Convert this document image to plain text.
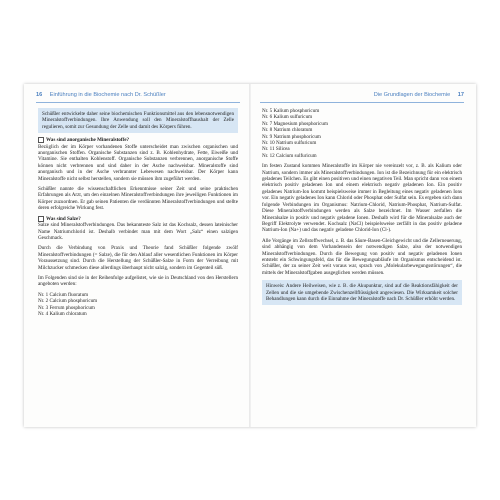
16 Einführung in die Biochemie nach Dr. Schüßler	Die Grundlagen der Biochemie 17
Schüßler entwickelte daher seine biochemischen Funktionsmittel aus den lebensnotwendigen Mineralstoffverbindungen. Ihre Anwendung soll den Mineralstoffhaushalt der Zelle regulieren, somit zur Gesundung der Zelle und damit des Körpers führen.
Was sind anorganische Mineralstoffe?

Bezüglich der im Körper vorhandenen Stoffe unterscheidet man zwischen organischen und anorganischen Stoffen. Organische Substanzen sind z. B. Kohlenhydrate, Fette, Eiweiße und Vitamine. Sie enthalten Kohlenstoff. Organische Substanzen verbrennen, anorganische Stoffe können nicht verbrennen und sind daher in der Asche nachweisbar. Mineralstoffe sind anorganisch und in der Asche verbrannter Lebewesen nachweisbar. Der Körper kann Mineralstoffe nicht selbst herstellen, sondern sie müssen ihm zugeführt werden.

Schüßler nannte die wissenschaftlichen Erkenntnisse seiner Zeit und seine praktischen Erfahrungen als Arzt, um den einzelnen Mineralstoffverbindungen ihre jeweiligen Funktionen im Körper zuzuordnen. Er gab seinen Patienten die verdünnten Mineralstoffverbindungen und stellte deren erfolgreiche Wirkung fest.

Was sind Salze?

Salze sind Mineralstoffverbindungen. Das bekannteste Salz ist das Kochsalz, dessen lateinischer Name Natriumchlorid ist. Deshalb verbindet man mit dem Wort „Salz“ einen salzigen Geschmack.

Durch die Verbindung von Praxis und Theorie fand Schüßler folgende zwölf Mineralstoffverbindungen (= Salze), die für den Ablauf aller wesentlichen Funktionen im Körper Voraussetzung sind. Durch die Herstellung der Schüßler-Salze in Form der Verreibung mit Milchzucker schmecken diese allerdings überhaupt nicht salzig, sondern im Gegenteil süß.

Im Folgenden sind sie in der Reihenfolge aufgelistet, wie sie in Deutschland von den Herstellern angeboten werden:

Nr. 1 Calcium fluoratum
Nr. 2 Calcium phosphoricum
Nr. 3 Ferrum phosphoricum
Nr. 4 Kalium chloratum
Nr. 5 Kalium phosphoricum
Nr. 6 Kalium sulfuricum
Nr. 7 Magnesium phosphoricum
Nr. 8 Natrium chloratum
Nr. 9 Natrium phosphoricum
Nr. 10 Natrium sulfuricum
Nr. 11 Silicea
Nr. 12 Calcium sulfuricum

Im festen Zustand kommen Mineralstoffe im Körper nie vereinzelt vor, z. B. als Kalium oder Natrium, sondern immer als Mineralstoffverbindungen. Ion ist die Bezeichnung für ein elektrisch geladenes Teilchen. Es gibt einen positiven und einen negativen Teil. Man spricht dann von einem elektrisch positiv geladenen Ion und einem elektrisch negativ geladenen Ion. Ein positiv geladenes Natrium-Ion kommt beispielsweise immer in Begleitung eines negativ geladenen Ions vor. Ein negativ geladenes Ion kann Chlorid oder Phosphat oder Sulfat sein. Es ergeben sich dann folgende Verbindungen im Organismus: Natrium-Chlorid, Natrium-Phosphat, Natrium-Sulfat. Diese Mineralstoffverbindungen werden als Salze bezeichnet. Im Wasser zerfallen die Mineralsalze in positiv und negativ geladene Ionen. Deshalb wird für die Mineralsalze auch der Begriff Elektrolyte verwendet. Kochsalz (NaCl) beispielsweise zerfällt in das positiv geladene Natrium-Ion (Na+) und das negativ geladene Chlorid-Ion (Cl-).

Alle Vorgänge im Zellstoffwechsel, z. B. das Säure-Basen-Gleichgewicht und die Zellerneuerung, sind abhängig von dem Vorhandensein der notwendigen Salze, also der notwendigen Mineralstoffverbindungen. Durch die Bewegung von positiv und negativ geladenen Ionen entsteht ein Schwingungsfeld, das für die Bewegungsabläufe im Organismus entscheidend ist. Schüßler, der zu seiner Zeit weit voraus war, sprach von „Molekularbewegungsstörungen“, die mittels der Mineralstoffgaben ausgeglichen werden müssen.

Hinweis: Andere Heilweisen, wie z. B. die Akupunktur, sind auf die Reaktionsfähigkeit der Zellen und die sie umgebende Zwischenzellflüssigkeit angewiesen. Die Wirksamkeit solcher Behandlungen kann durch die Einnahme der Mineralstoffe nach Dr. Schüßler erhöht werden.
